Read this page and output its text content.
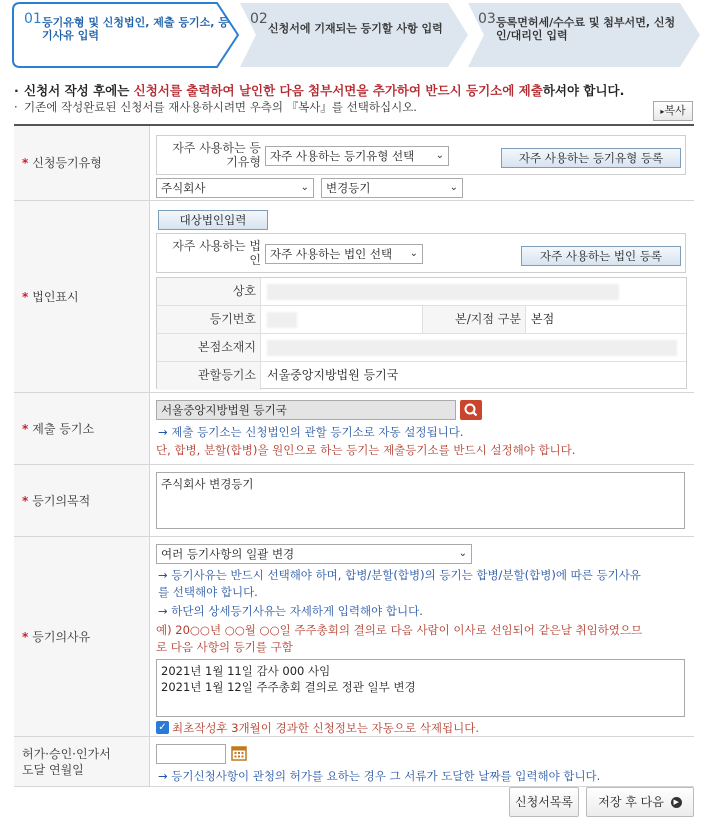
01 등기유형 및 신청법인, 제출 등기소, 등기사유 입력
02
신청서에 기재되는 등기할 사항 입력
03 등록면허세/수수료 및 첨부서면, 신청인/대리인 입력
· 신청서 작성 후에는 신청서를 출력하여 날인한 다음 첨부서면을 추가하여 반드시 등기소에 제출하셔야 합니다.
· 기존에 작성완료된 신청서를 재사용하시려면 우측의 『복사』를 선택하십시오.	▸복사
* 신청등기유형
자주 사용하는 등기유형 자주 사용하는 등기유형 선택 ⌄	자주 사용하는 등기유형 등록
주식회사	⌄	변경등기	⌄
* 법인표시
대상법인입력
자주 사용하는 법인 자주 사용하는 법인 선택 ⌄	자주 사용하는 법인 등록
상호
등기번호	본/지점 구분 본점
본점소재지
관할등기소 서울중앙지방법원 등기국
* 제출 등기소
서울중앙지방법원 등기국
→ 제출 등기소는 신청법인의 관할 등기소로 자동 설정됩니다.
단, 합병, 분할(합병)을 원인으로 하는 등기는 제출등기소를 반드시 설정해야 합니다.
* 등기의목적
주식회사 변경등기
* 등기의사유
여러 등기사항의 일괄 변경	⌄
→ 등기사유는 반드시 선택해야 하며, 합병/분할(합병)의 등기는 합병/분할(합병)에 따른 등기사유
를 선택해야 합니다.
→ 하단의 상세등기사유는 자세하게 입력해야 합니다.
예) 20○○년 ○○월 ○○일 주주총회의 결의로 다음 사람이 이사로 선임되어 같은날 취임하였으므
로 다음 사항의 등기를 구함
2021년 1월 11일 감사 000 사임
2021년 1월 12일 주주총회 결의로 정관 일부 변경
✓ 최초작성후 3개월이 경과한 신청정보는 자동으로 삭제됩니다.
허가·승인·인가서
도달 연월일	→ 등기신청사항이 관청의 허가를 요하는 경우 그 서류가 도달한 날짜를 입력해야 합니다.
신청서목록	저장 후 다음 ▶
